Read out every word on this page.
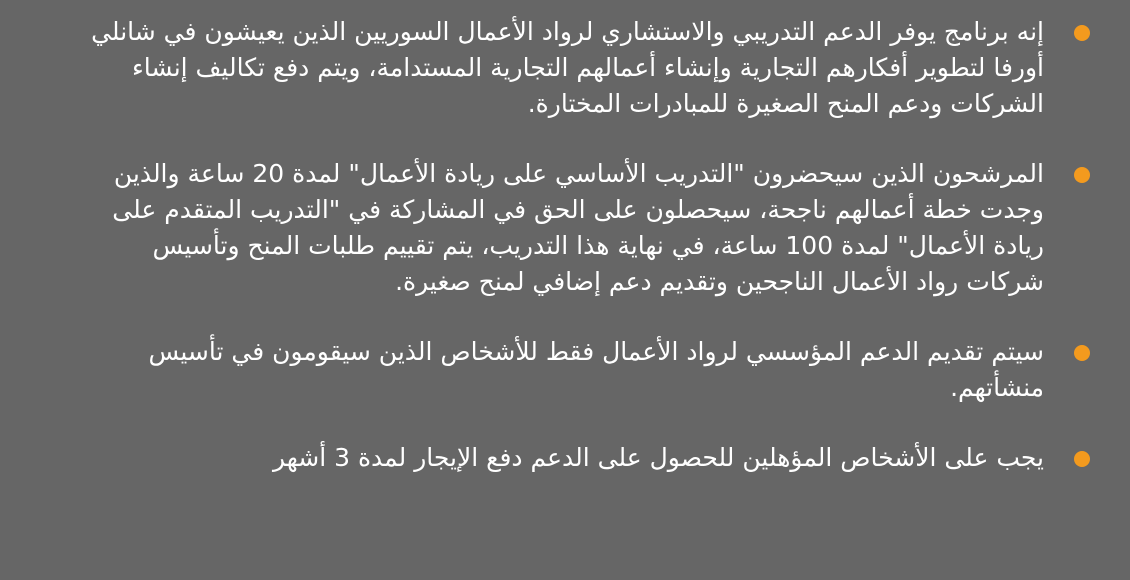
إنه برنامج يوفر الدعم التدريبي والاستشاري لرواد الأعمال السوريين الذين يعيشون في شانلي أورفا لتطوير أفكارهم التجارية وإنشاء أعمالهم التجارية المستدامة، ويتم دفع تكاليف إنشاء الشركات ودعم المنح الصغيرة للمبادرات المختارة.
المرشحون الذين سيحضرون "التدريب الأساسي على ريادة الأعمال" لمدة 20 ساعة والذين وجدت خطة أعمالهم ناجحة، سيحصلون على الحق في المشاركة في "التدريب المتقدم على ريادة الأعمال" لمدة 100 ساعة، في نهاية هذا التدريب، يتم تقييم طلبات المنح وتأسيس شركات رواد الأعمال الناجحين وتقديم دعم إضافي لمنح صغيرة.
سيتم تقديم الدعم المؤسسي لرواد الأعمال فقط للأشخاص الذين سيقومون في تأسيس منشأتهم.
يجب على الأشخاص المؤهلين للحصول على الدعم دفع الإيجار لمدة 3 أشهر
